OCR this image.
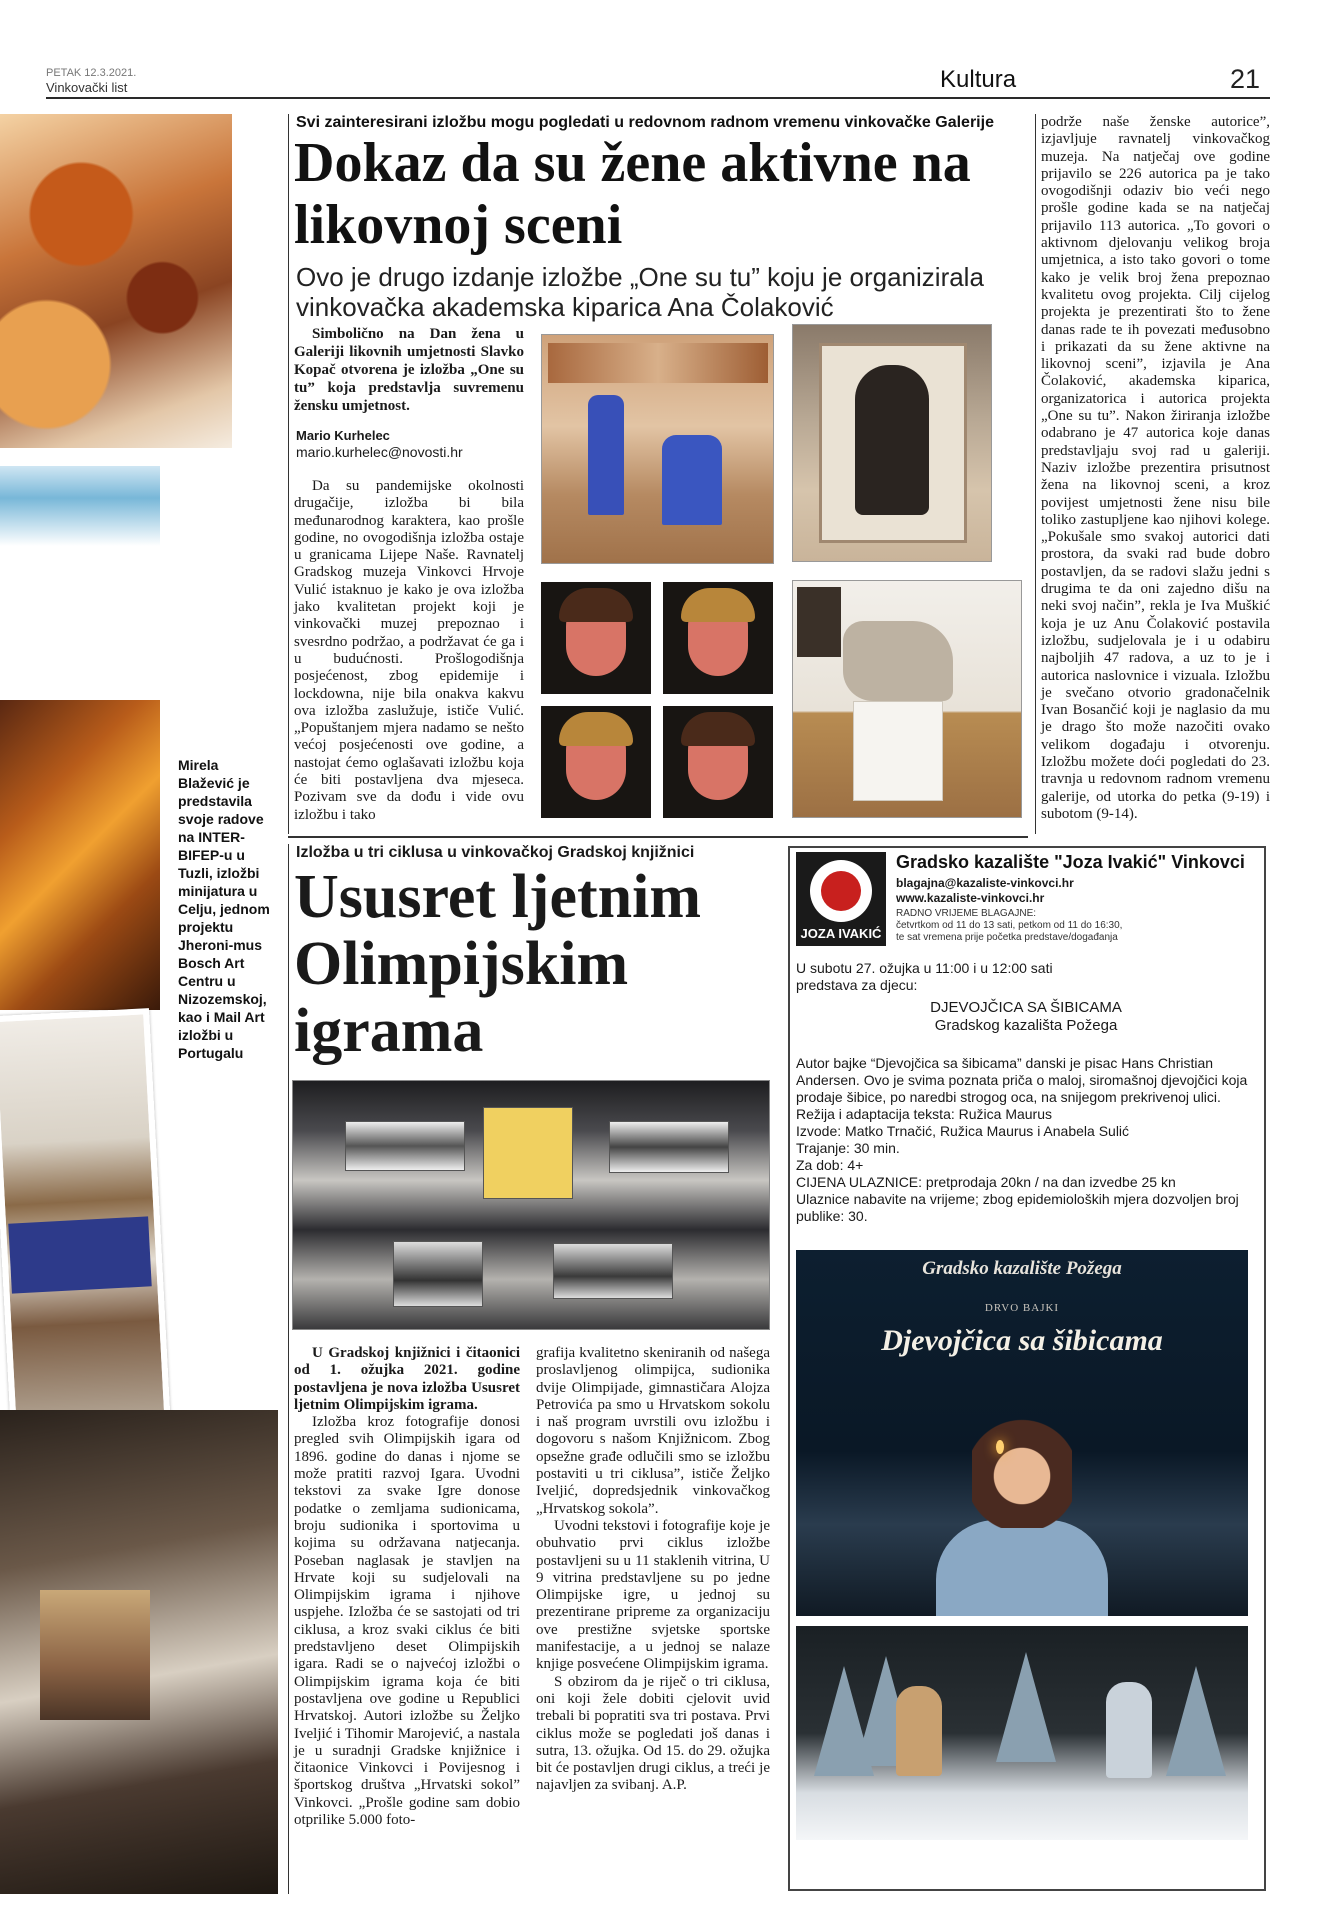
PETAK 12.3.2021.
Vinkovački list	Kultura	21
Mirela Blažević je predstavila svoje radove na INTER-BIFEP-u u Tuzli, izložbi minijatura u Celju, jednom projektu Jheroni-mus Bosch Art Centru u Nizozemskoj, kao i Mail Art izložbi u Portugalu
Svi zainteresirani izložbu mogu pogledati u redovnom radnom vremenu vinkovačke Galerije
Dokaz da su žene aktivne na likovnoj sceni
Ovo je drugo izdanje izložbe „One su tu” koju je organizirala vinkovačka akademska kiparica Ana Čolaković

Simbolično na Dan žena u Galeriji likovnih umjetnosti Slavko Kopač otvorena je izložba „One su tu” koja predstavlja suvremenu žensku umjetnost.

Mario Kurhelec
mario.kurhelec@novosti.hr

Da su pandemijske okolnosti drugačije, izložba bi bila međunarodnog karaktera, kao prošle godine, no ovogodišnja izložba ostaje u granicama Lijepe Naše. Ravnatelj Gradskog muzeja Vinkovci Hrvoje Vulić istaknuo je kako je ova izložba jako kvalitetan projekt koji je vinkovački muzej prepoznao i svesrdno podržao, a podržavat će ga i u budućnosti. Prošlogodišnja posjećenost, zbog epidemije i lockdowna, nije bila onakva kakvu ova izložba zaslužuje, ističe Vulić. „Popuštanjem mjera nadamo se nešto većoj posjećenosti ove godine, a nastojat ćemo oglašavati izložbu koja će biti postavljena dva mjeseca. Pozivam sve da dođu i vide ovu izložbu i tako

podrže naše ženske autorice”, izjavljuje ravnatelj vinkovačkog muzeja. Na natječaj ove godine prijavilo se 226 autorica pa je tako ovogodišnji odaziv bio veći nego prošle godine kada se na natječaj prijavilo 113 autorica. „To govori o aktivnom djelovanju velikog broja umjetnica, a isto tako govori o tome kako je velik broj žena prepoznao kvalitetu ovog projekta. Cilj cijelog projekta je prezentirati što to žene danas rade te ih povezati međusobno i prikazati da su žene aktivne na likovnoj sceni”, izjavila je Ana Čolaković, akademska kiparica, organizatorica i autorica projekta „One su tu”. Nakon žiriranja izložbe odabrano je 47 autorica koje danas predstavljaju svoj rad u galeriji. Naziv izložbe prezentira prisutnost žena na likovnoj sceni, a kroz povijest umjetnosti žene nisu bile toliko zastupljene kao njihovi kolege. „Pokušale smo svakoj autorici dati prostora, da svaki rad bude dobro postavljen, da se radovi slažu jedni s drugima te da oni zajedno dišu na neki svoj način”, rekla je Iva Muškić koja je uz Anu Čolaković postavila izložbu, sudjelovala je i u odabiru najboljih 47 radova, a uz to je i autorica naslovnice i vizuala. Izložbu je svečano otvorio gradonačelnik Ivan Bosančić koji je naglasio da mu je drago što može nazočiti ovako velikom događaju i otvorenju. Izložbu možete doći pogledati do 23. travnja u redovnom radnom vremenu galerije, od utorka do petka (9-19) i subotom (9-14).

Izložba u tri ciklusa u vinkovačkoj Gradskoj knjižnici
Ususret ljetnim Olimpijskim igrama

U Gradskoj knjižnici i čitaonici od 1. ožujka 2021. godine postavljena je nova izložba Ususret ljetnim Olimpijskim igrama.

Izložba kroz fotografije donosi pregled svih Olimpijskih igara od 1896. godine do danas i njome se može pratiti razvoj Igara. Uvodni tekstovi za svake Igre donose podatke o zemljama sudionicama, broju sudionika i sportovima u kojima su održavana natjecanja. Poseban naglasak je stavljen na Hrvate koji su sudjelovali na Olimpijskim igrama i njihove uspjehe. Izložba će se sastojati od tri ciklusa, a kroz svaki ciklus će biti predstavljeno deset Olimpijskih igara. Radi se o najvećoj izložbi o Olimpijskim igrama koja će biti postavljena ove godine u Republici Hrvatskoj. Autori izložbe su Željko Iveljić i Tihomir Marojević, a nastala je u suradnji Gradske knjižnice i čitaonice Vinkovci i Povijesnog i športskog društva „Hrvatski sokol” Vinkovci. „Prošle godine sam dobio otprilike 5.000 foto-

grafija kvalitetno skeniranih od našega proslavljenog olimpijca, sudionika dvije Olimpijade, gimnastičara Alojza Petrovića pa smo u Hrvatskom sokolu i naš program uvrstili ovu izložbu i dogovoru s našom Knjižnicom. Zbog opsežne građe odlučili smo se izložbu postaviti u tri ciklusa”, ističe Željko Iveljić, dopredsjednik vinkovačkog „Hrvatskog sokola”.

Uvodni tekstovi i fotografije koje je obuhvatio prvi ciklus izložbe postavljeni su u 11 staklenih vitrina, U 9 vitrina predstavljene su po jedne Olimpijske igre, u jednoj su prezentirane pripreme za organizaciju ove prestižne svjetske sportske manifestacije, a u jednoj se nalaze knjige posvećene Olimpijskim igrama.

S obzirom da je riječ o tri ciklusa, oni koji žele dobiti cjelovit uvid trebali bi popratiti sva tri postava. Prvi ciklus može se pogledati još danas i sutra, 13. ožujka. Od 15. do 29. ožujka bit će postavljen drugi ciklus, a treći je najavljen za svibanj. A.P.

JOZA IVAKIĆ
Gradsko kazalište "Joza Ivakić" Vinkovci
blagajna@kazaliste-vinkovci.hr
www.kazaliste-vinkovci.hr
RADNO VRIJEME BLAGAJNE:
četvrtkom od 11 do 13 sati, petkom od 11 do 16:30,
te sat vremena prije početka predstave/događanja
U subotu 27. ožujka u 11:00 i u 12:00 sati
predstava za djecu:
DJEVOJČICA SA ŠIBICAMA
Gradskog kazališta Požega

Autor bajke “Djevojčica sa šibicama” danski je pisac Hans Christian Andersen. Ovo je svima poznata priča o maloj, siromašnoj djevojčici koja prodaje šibice, po naredbi strogog oca, na snijegom prekrivenoj ulici.

Režija i adaptacija teksta: Ružica Maurus

Izvode: Matko Trnačić, Ružica Maurus i Anabela Sulić

Trajanje: 30 min.

Za dob: 4+

CIJENA ULAZNICE: pretprodaja 20kn / na dan izvedbe 25 kn

Ulaznice nabavite na vrijeme; zbog epidemioloških mjera dozvoljen broj publike: 30.

Gradsko kazalište Požega
DRVO BAJKI
Djevojčica sa šibicama
